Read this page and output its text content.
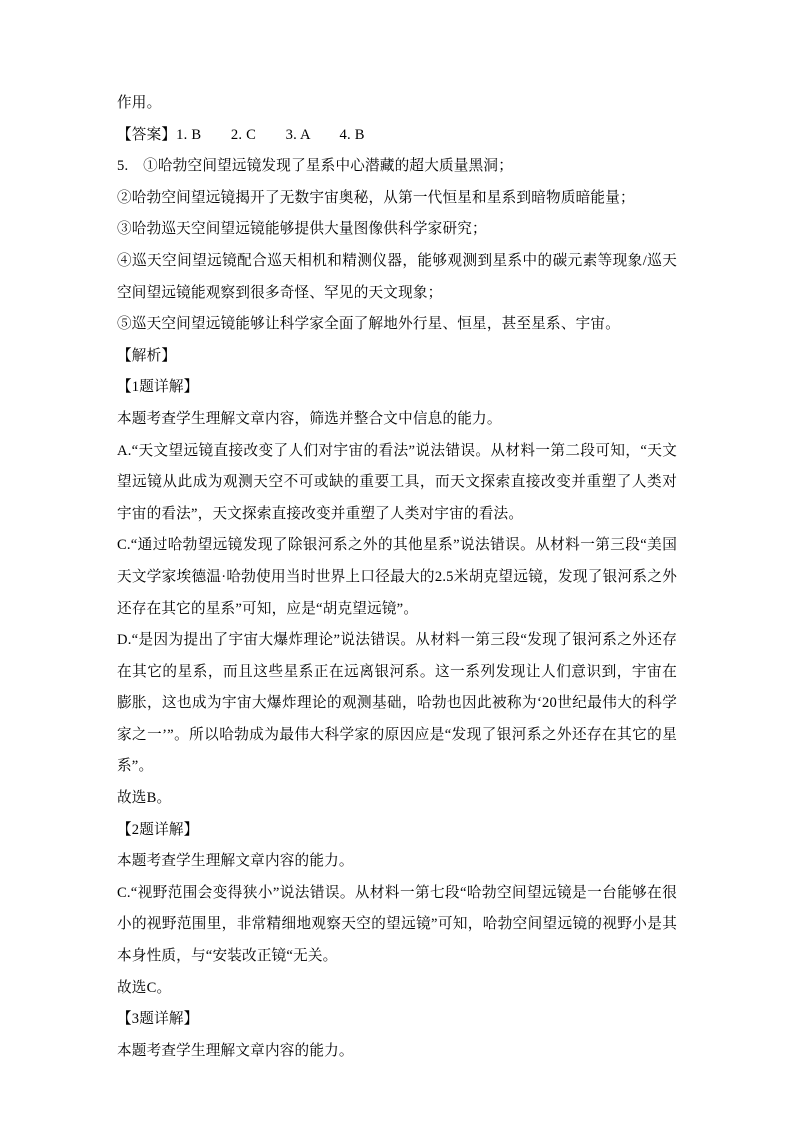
作用。

【答案】1. B　　2. C　　3. A　　4. B

5.　①哈勃空间望远镜发现了星系中心潜藏的超大质量黑洞；

②哈勃空间望远镜揭开了无数宇宙奥秘，从第一代恒星和星系到暗物质暗能量；

③哈勃巡天空间望远镜能够提供大量图像供科学家研究；

④巡天空间望远镜配合巡天相机和精测仪器，能够观测到星系中的碳元素等现象/巡天空间望远镜能观察到很多奇怪、罕见的天文现象；

⑤巡天空间望远镜能够让科学家全面了解地外行星、恒星，甚至星系、宇宙。

【解析】

【1题详解】

本题考查学生理解文章内容，筛选并整合文中信息的能力。

A.“天文望远镜直接改变了人们对宇宙的看法”说法错误。从材料一第二段可知，“天文望远镜从此成为观测天空不可或缺的重要工具，而天文探索直接改变并重塑了人类对宇宙的看法”，天文探索直接改变并重塑了人类对宇宙的看法。

C.“通过哈勃望远镜发现了除银河系之外的其他星系”说法错误。从材料一第三段“美国天文学家埃德温·哈勃使用当时世界上口径最大的2.5米胡克望远镜，发现了银河系之外还存在其它的星系”可知，应是“胡克望远镜”。

D.“是因为提出了宇宙大爆炸理论”说法错误。从材料一第三段“发现了银河系之外还存在其它的星系，而且这些星系正在远离银河系。这一系列发现让人们意识到，宇宙在膨胀，这也成为宇宙大爆炸理论的观测基础，哈勃也因此被称为‘20世纪最伟大的科学家之一’”。所以哈勃成为最伟大科学家的原因应是“发现了银河系之外还存在其它的星系”。

故选B。

【2题详解】

本题考查学生理解文章内容的能力。

C.“视野范围会变得狭小”说法错误。从材料一第七段“哈勃空间望远镜是一台能够在很小的视野范围里，非常精细地观察天空的望远镜”可知，哈勃空间望远镜的视野小是其本身性质，与“安装改正镜“无关。

故选C。

【3题详解】

本题考查学生理解文章内容的能力。
